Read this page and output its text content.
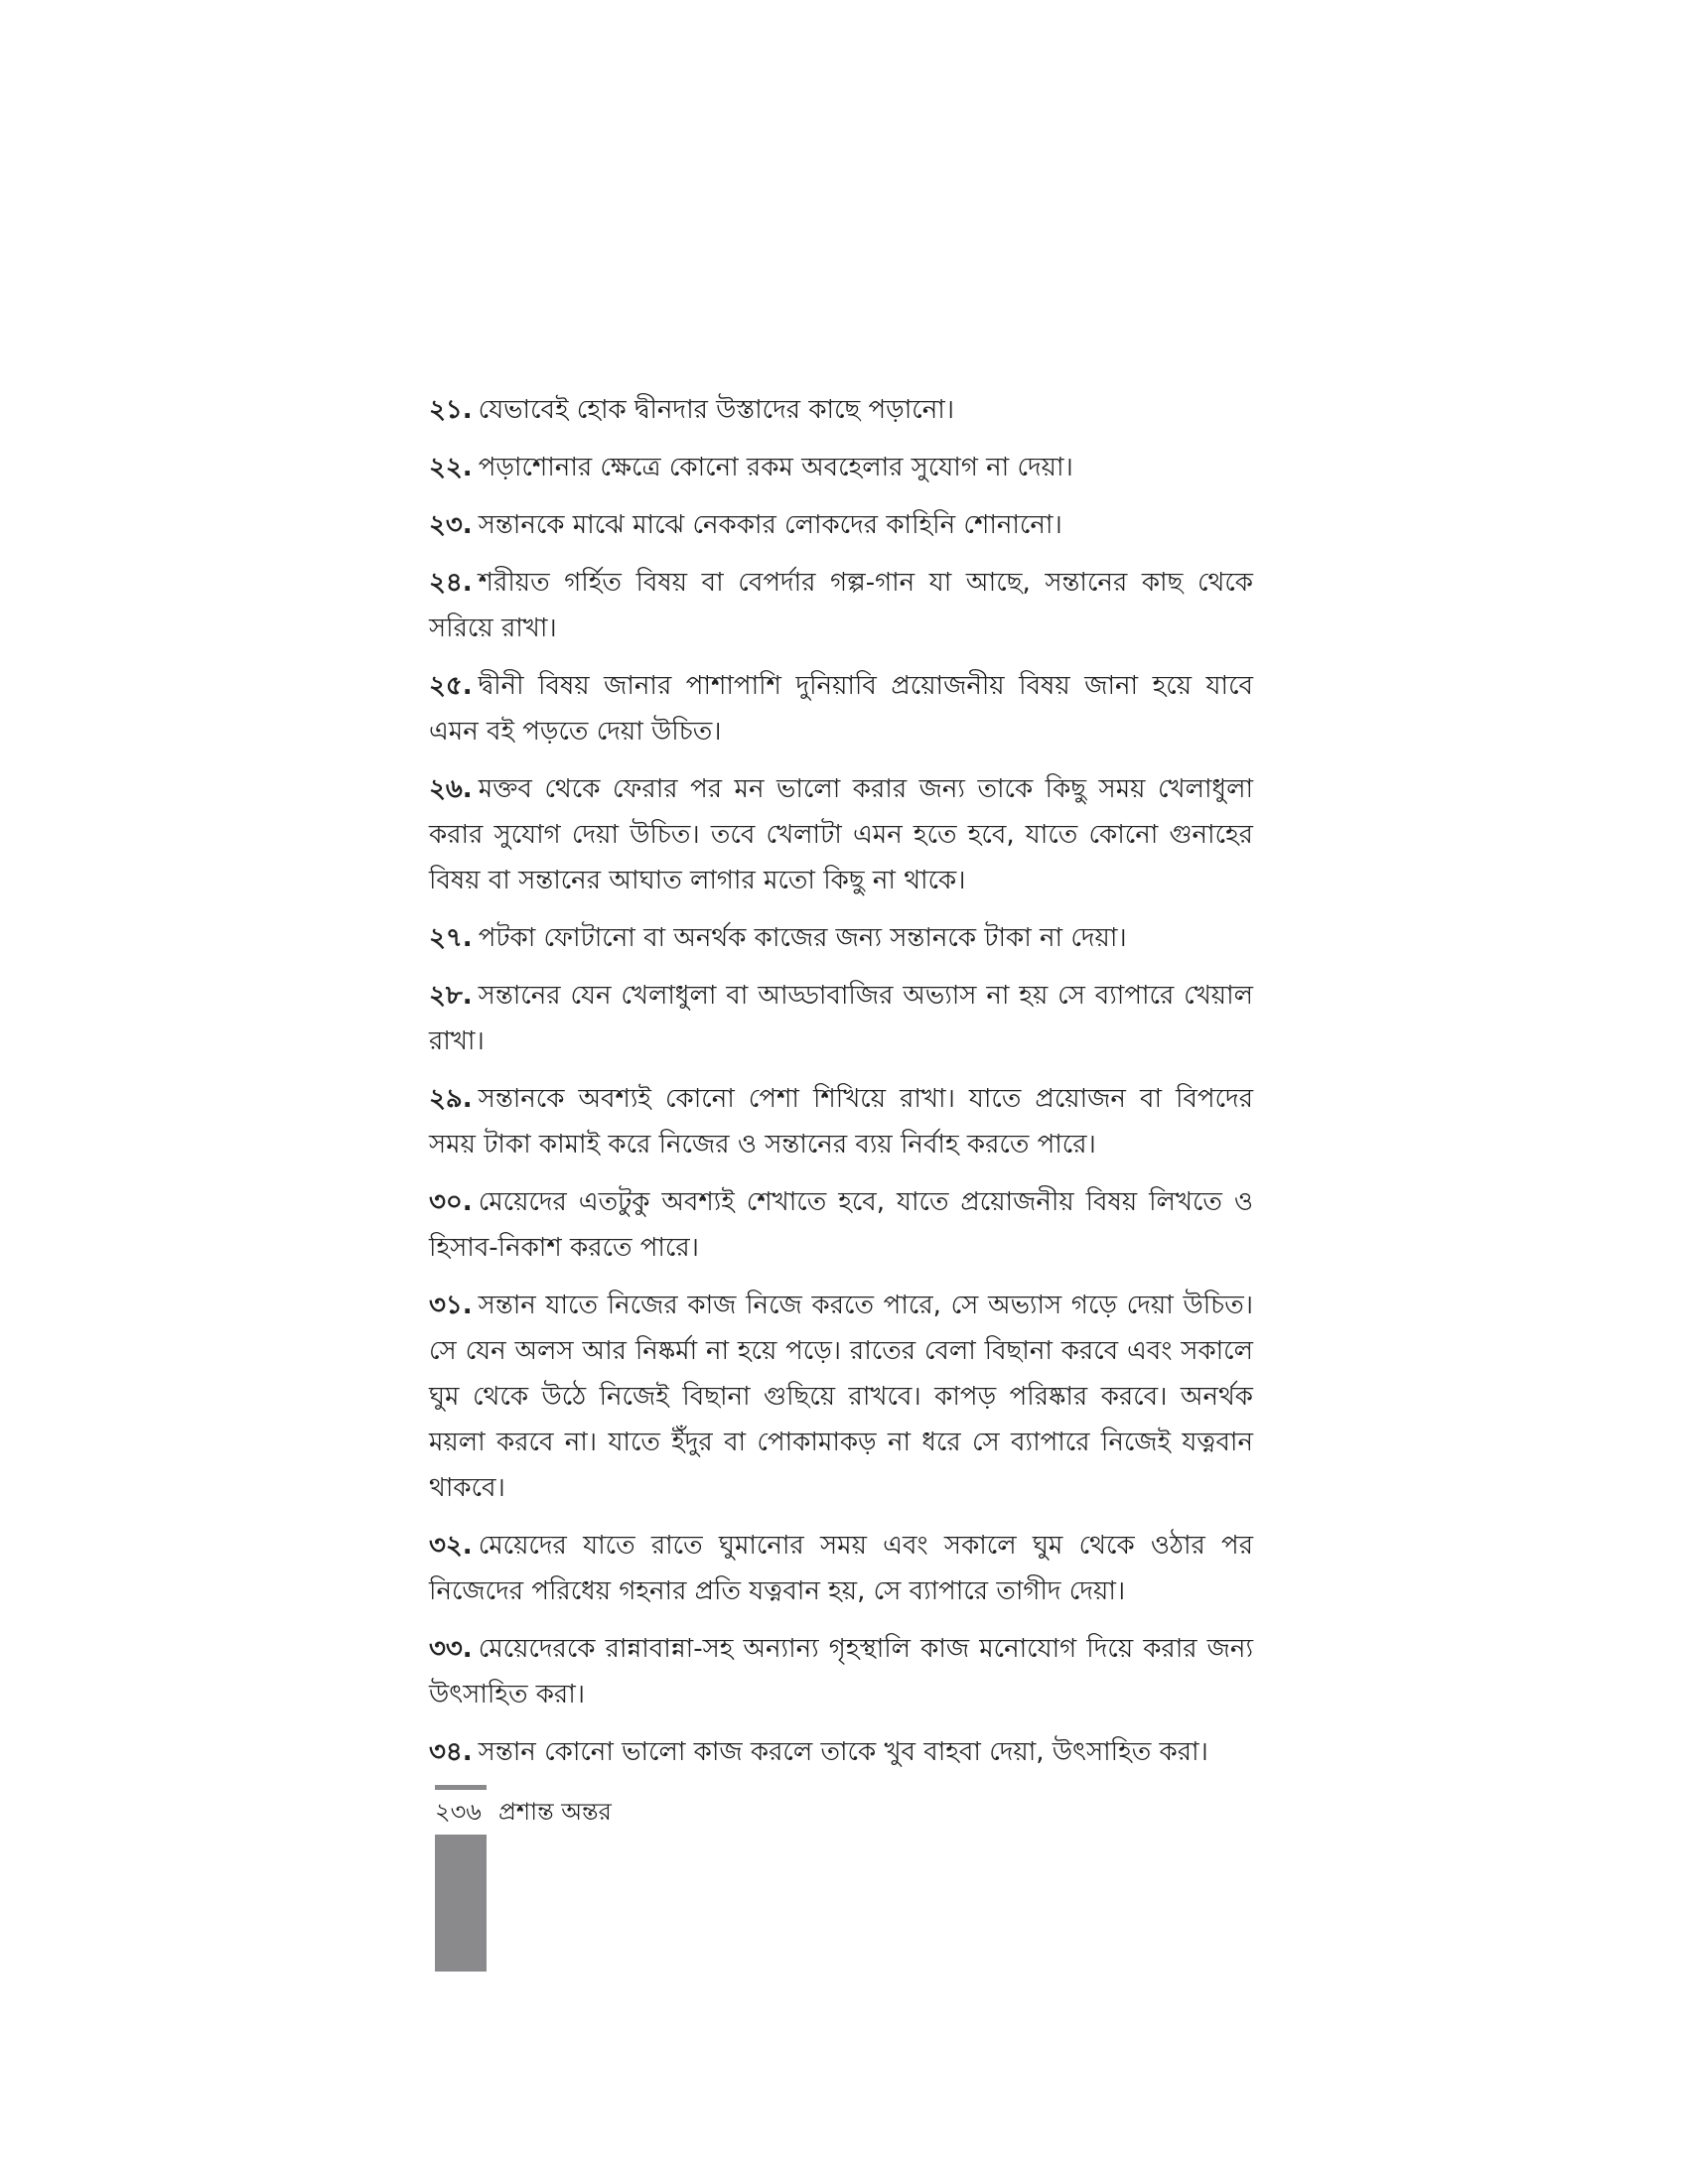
২১. যেভাবেই হোক দ্বীনদার উস্তাদের কাছে পড়ানো।

২২. পড়াশোনার ক্ষেত্রে কোনো রকম অবহেলার সুযোগ না দেয়া।

২৩. সন্তানকে মাঝে মাঝে নেককার লোকদের কাহিনি শোনানো।

২৪. শরীয়ত গর্হিত বিষয় বা বেপর্দার গল্প-গান যা আছে, সন্তানের কাছ থেকে সরিয়ে রাখা।

২৫. দ্বীনী বিষয় জানার পাশাপাশি দুনিয়াবি প্রয়োজনীয় বিষয় জানা হয়ে যাবে এমন বই পড়তে দেয়া উচিত।

২৬. মক্তব থেকে ফেরার পর মন ভালো করার জন্য তাকে কিছু সময় খেলাধুলা করার সুযোগ দেয়া উচিত। তবে খেলাটা এমন হতে হবে, যাতে কোনো গুনাহের বিষয় বা সন্তানের আঘাত লাগার মতো কিছু না থাকে।

২৭. পটকা ফোটানো বা অনর্থক কাজের জন্য সন্তানকে টাকা না দেয়া।

২৮. সন্তানের যেন খেলাধুলা বা আড্ডাবাজির অভ্যাস না হয় সে ব্যাপারে খেয়াল রাখা।

২৯. সন্তানকে অবশ্যই কোনো পেশা শিখিয়ে রাখা। যাতে প্রয়োজন বা বিপদের সময় টাকা কামাই করে নিজের ও সন্তানের ব্যয় নির্বাহ করতে পারে।

৩০. মেয়েদের এতটুকু অবশ্যই শেখাতে হবে, যাতে প্রয়োজনীয় বিষয় লিখতে ও হিসাব-নিকাশ করতে পারে।

৩১. সন্তান যাতে নিজের কাজ নিজে করতে পারে, সে অভ্যাস গড়ে দেয়া উচিত। সে যেন অলস আর নিষ্কর্মা না হয়ে পড়ে। রাতের বেলা বিছানা করবে এবং সকালে ঘুম থেকে উঠে নিজেই বিছানা গুছিয়ে রাখবে। কাপড় পরিষ্কার করবে। অনর্থক ময়লা করবে না। যাতে ইঁদুর বা পোকামাকড় না ধরে সে ব্যাপারে নিজেই যত্নবান থাকবে।

৩২. মেয়েদের যাতে রাতে ঘুমানোর সময় এবং সকালে ঘুম থেকে ওঠার পর নিজেদের পরিধেয় গহনার প্রতি যত্নবান হয়, সে ব্যাপারে তাগীদ দেয়া।

৩৩. মেয়েদেরকে রান্নাবান্না-সহ অন্যান্য গৃহস্থালি কাজ মনোযোগ দিয়ে করার জন্য উৎসাহিত করা।

৩৪. সন্তান কোনো ভালো কাজ করলে তাকে খুব বাহবা দেয়া, উৎসাহিত করা।

২৩৬ প্রশান্ত অন্তর
